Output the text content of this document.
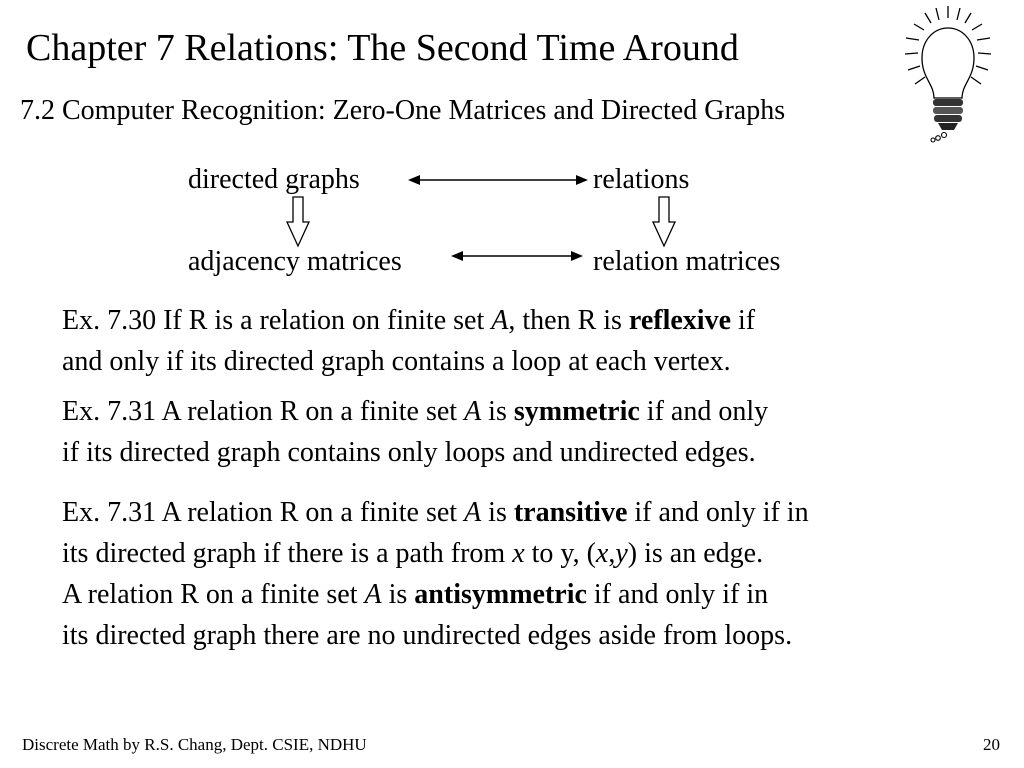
Chapter 7 Relations: The Second Time Around
7.2 Computer Recognition: Zero-One Matrices and Directed Graphs
directed graphs	relations
adjacency matrices	relation matrices
Ex. 7.30 If R is a relation on finite set A, then R is reflexive if
and only if its directed graph contains a loop at each vertex.
Ex. 7.31 A relation R on a finite set A is symmetric if and only
if its directed graph contains only loops and undirected edges.
Ex. 7.31 A relation R on a finite set A is transitive if and only if in
its directed graph if there is a path from x to y, (x,y) is an edge.
A relation R on a finite set A is antisymmetric if and only if in
its directed graph there are no undirected edges aside from loops.
Discrete Math by R.S. Chang, Dept. CSIE, NDHU	20
